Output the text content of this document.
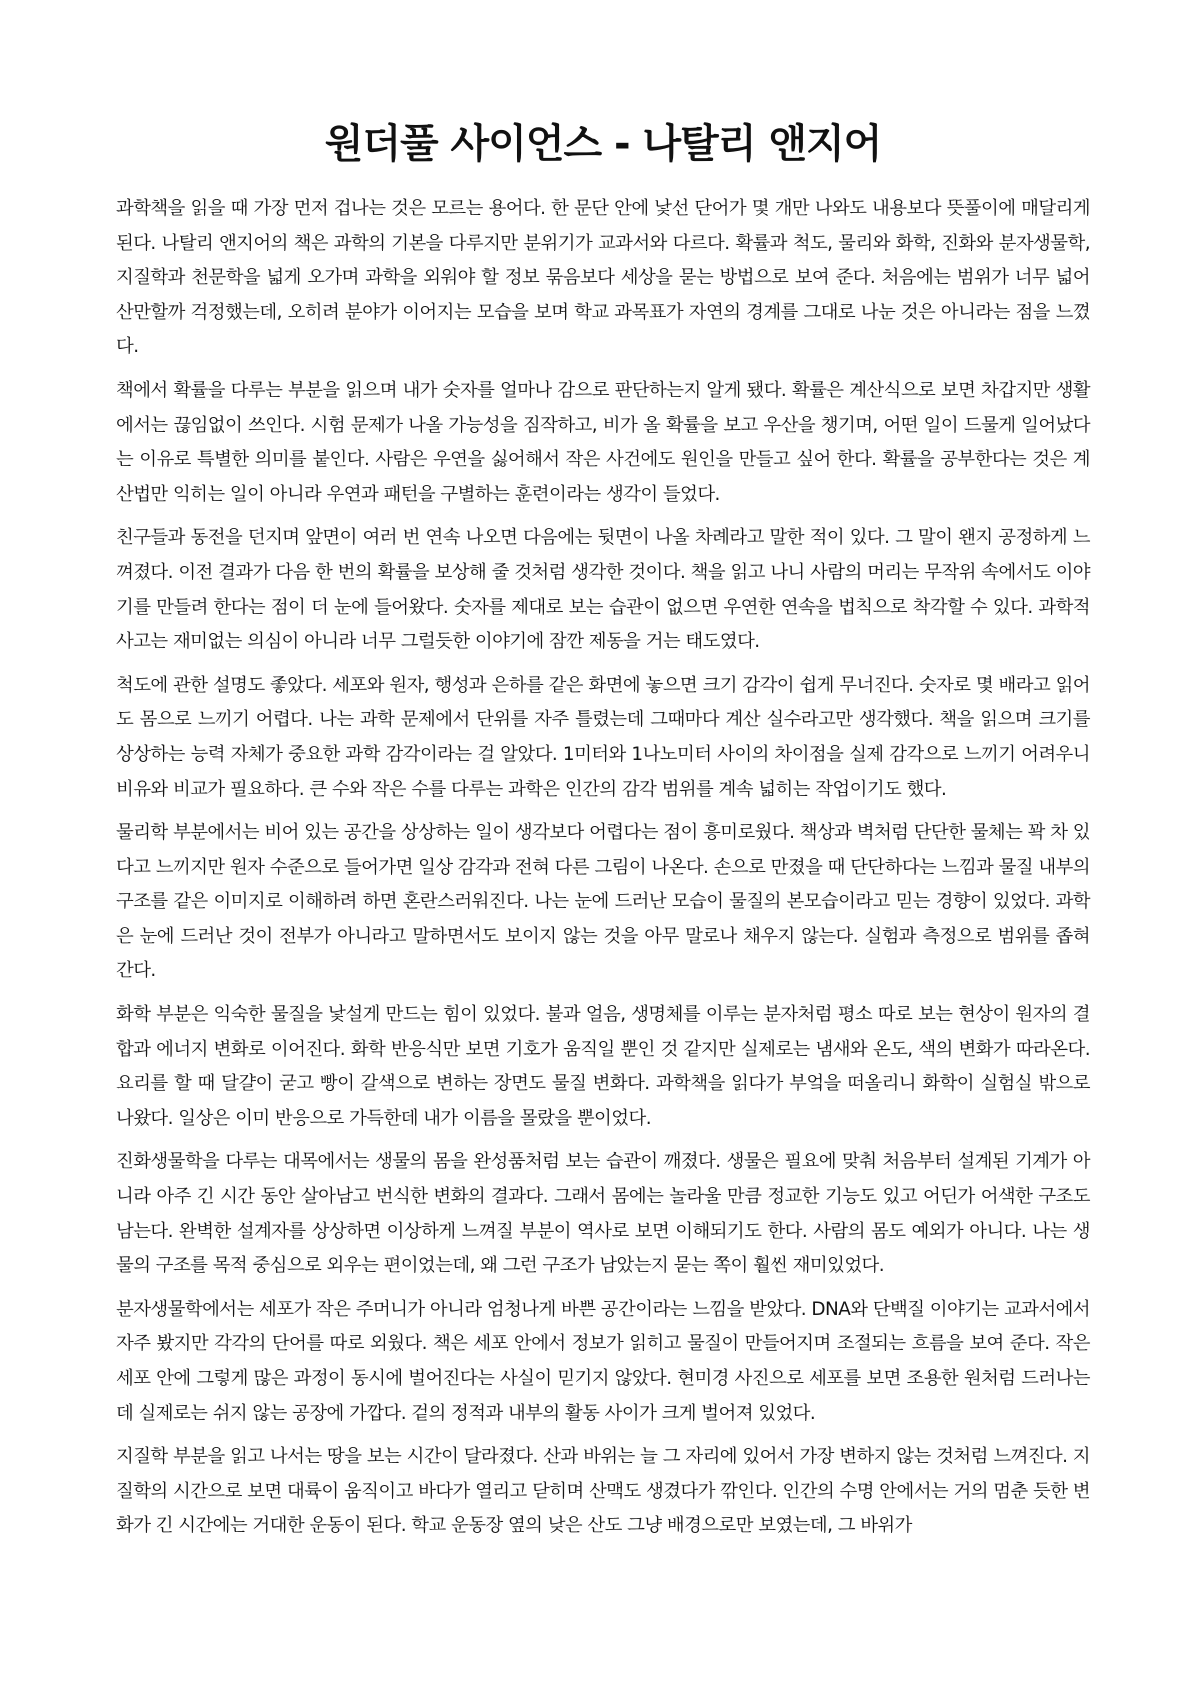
원더풀 사이언스 - 나탈리 앤지어

과학책을 읽을 때 가장 먼저 겁나는 것은 모르는 용어다. 한 문단 안에 낯선 단어가 몇 개만 나와도 내용보다 뜻풀이에 매달리게 된다. 나탈리 앤지어의 책은 과학의 기본을 다루지만 분위기가 교과서와 다르다. 확률과 척도, 물리와 화학, 진화와 분자생물학, 지질학과 천문학을 넓게 오가며 과학을 외워야 할 정보 묶음보다 세상을 묻는 방법으로 보여 준다. 처음에는 범위가 너무 넓어 산만할까 걱정했는데, 오히려 분야가 이어지는 모습을 보며 학교 과목표가 자연의 경계를 그대로 나눈 것은 아니라는 점을 느꼈다.

책에서 확률을 다루는 부분을 읽으며 내가 숫자를 얼마나 감으로 판단하는지 알게 됐다. 확률은 계산식으로 보면 차갑지만 생활에서는 끊임없이 쓰인다. 시험 문제가 나올 가능성을 짐작하고, 비가 올 확률을 보고 우산을 챙기며, 어떤 일이 드물게 일어났다는 이유로 특별한 의미를 붙인다. 사람은 우연을 싫어해서 작은 사건에도 원인을 만들고 싶어 한다. 확률을 공부한다는 것은 계산법만 익히는 일이 아니라 우연과 패턴을 구별하는 훈련이라는 생각이 들었다.

친구들과 동전을 던지며 앞면이 여러 번 연속 나오면 다음에는 뒷면이 나올 차례라고 말한 적이 있다. 그 말이 왠지 공정하게 느껴졌다. 이전 결과가 다음 한 번의 확률을 보상해 줄 것처럼 생각한 것이다. 책을 읽고 나니 사람의 머리는 무작위 속에서도 이야기를 만들려 한다는 점이 더 눈에 들어왔다. 숫자를 제대로 보는 습관이 없으면 우연한 연속을 법칙으로 착각할 수 있다. 과학적 사고는 재미없는 의심이 아니라 너무 그럴듯한 이야기에 잠깐 제동을 거는 태도였다.

척도에 관한 설명도 좋았다. 세포와 원자, 행성과 은하를 같은 화면에 놓으면 크기 감각이 쉽게 무너진다. 숫자로 몇 배라고 읽어도 몸으로 느끼기 어렵다. 나는 과학 문제에서 단위를 자주 틀렸는데 그때마다 계산 실수라고만 생각했다. 책을 읽으며 크기를 상상하는 능력 자체가 중요한 과학 감각이라는 걸 알았다. 1미터와 1나노미터 사이의 차이점을 실제 감각으로 느끼기 어려우니 비유와 비교가 필요하다. 큰 수와 작은 수를 다루는 과학은 인간의 감각 범위를 계속 넓히는 작업이기도 했다.

물리학 부분에서는 비어 있는 공간을 상상하는 일이 생각보다 어렵다는 점이 흥미로웠다. 책상과 벽처럼 단단한 물체는 꽉 차 있다고 느끼지만 원자 수준으로 들어가면 일상 감각과 전혀 다른 그림이 나온다. 손으로 만졌을 때 단단하다는 느낌과 물질 내부의 구조를 같은 이미지로 이해하려 하면 혼란스러워진다. 나는 눈에 드러난 모습이 물질의 본모습이라고 믿는 경향이 있었다. 과학은 눈에 드러난 것이 전부가 아니라고 말하면서도 보이지 않는 것을 아무 말로나 채우지 않는다. 실험과 측정으로 범위를 좁혀 간다.

화학 부분은 익숙한 물질을 낯설게 만드는 힘이 있었다. 불과 얼음, 생명체를 이루는 분자처럼 평소 따로 보는 현상이 원자의 결합과 에너지 변화로 이어진다. 화학 반응식만 보면 기호가 움직일 뿐인 것 같지만 실제로는 냄새와 온도, 색의 변화가 따라온다. 요리를 할 때 달걀이 굳고 빵이 갈색으로 변하는 장면도 물질 변화다. 과학책을 읽다가 부엌을 떠올리니 화학이 실험실 밖으로 나왔다. 일상은 이미 반응으로 가득한데 내가 이름을 몰랐을 뿐이었다.

진화생물학을 다루는 대목에서는 생물의 몸을 완성품처럼 보는 습관이 깨졌다. 생물은 필요에 맞춰 처음부터 설계된 기계가 아니라 아주 긴 시간 동안 살아남고 번식한 변화의 결과다. 그래서 몸에는 놀라울 만큼 정교한 기능도 있고 어딘가 어색한 구조도 남는다. 완벽한 설계자를 상상하면 이상하게 느껴질 부분이 역사로 보면 이해되기도 한다. 사람의 몸도 예외가 아니다. 나는 생물의 구조를 목적 중심으로 외우는 편이었는데, 왜 그런 구조가 남았는지 묻는 쪽이 훨씬 재미있었다.

분자생물학에서는 세포가 작은 주머니가 아니라 엄청나게 바쁜 공간이라는 느낌을 받았다. DNA와 단백질 이야기는 교과서에서 자주 봤지만 각각의 단어를 따로 외웠다. 책은 세포 안에서 정보가 읽히고 물질이 만들어지며 조절되는 흐름을 보여 준다. 작은 세포 안에 그렇게 많은 과정이 동시에 벌어진다는 사실이 믿기지 않았다. 현미경 사진으로 세포를 보면 조용한 원처럼 드러나는데 실제로는 쉬지 않는 공장에 가깝다. 겉의 정적과 내부의 활동 사이가 크게 벌어져 있었다.

지질학 부분을 읽고 나서는 땅을 보는 시간이 달라졌다. 산과 바위는 늘 그 자리에 있어서 가장 변하지 않는 것처럼 느껴진다. 지질학의 시간으로 보면 대륙이 움직이고 바다가 열리고 닫히며 산맥도 생겼다가 깎인다. 인간의 수명 안에서는 거의 멈춘 듯한 변화가 긴 시간에는 거대한 운동이 된다. 학교 운동장 옆의 낮은 산도 그냥 배경으로만 보였는데, 그 바위가
